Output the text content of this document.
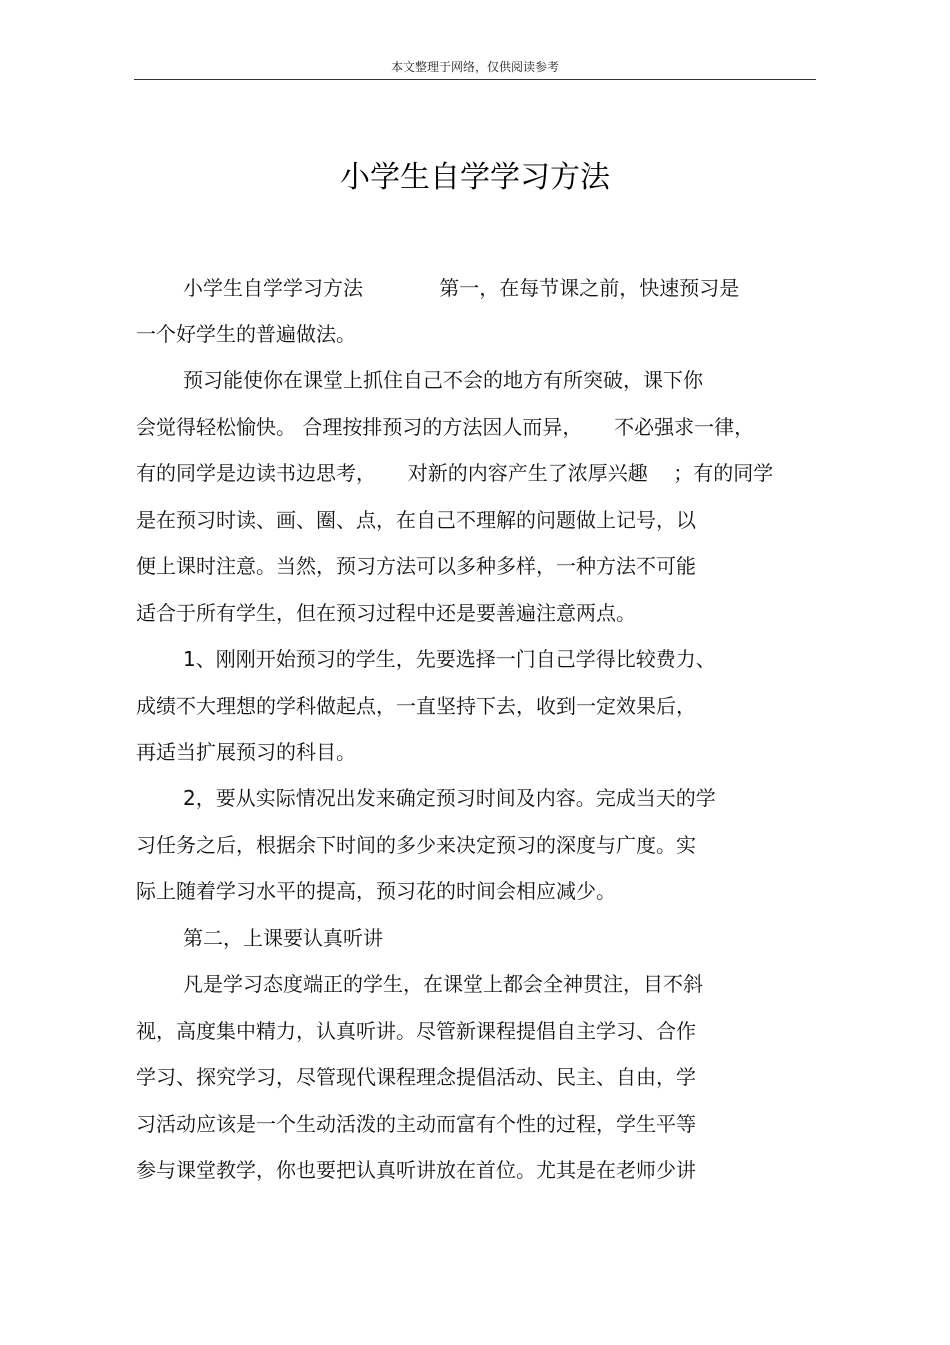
本文整理于网络，仅供阅读参考
小学生自学学习方法
小学生自学学习方法            第一，在每节课之前，快速预习是
一个好学生的普遍做法。
预习能使你在课堂上抓住自己不会的地方有所突破，课下你
会觉得轻松愉快。 合理按排预习的方法因人而异，     不必强求一律，
有的同学是边读书边思考，     对新的内容产生了浓厚兴趣    ；有的同学
是在预习时读、画、圈、点，在自己不理解的问题做上记号，以
便上课时注意。当然，预习方法可以多种多样，一种方法不可能
适合于所有学生，但在预习过程中还是要善遍注意两点。
1、刚刚开始预习的学生，先要选择一门自己学得比较费力、
成绩不大理想的学科做起点，一直坚持下去，收到一定效果后，
再适当扩展预习的科目。
2，要从实际情况出发来确定预习时间及内容。完成当天的学
习任务之后，根据余下时间的多少来决定预习的深度与广度。实
际上随着学习水平的提高，预习花的时间会相应减少。
第二，上课要认真听讲
凡是学习态度端正的学生，在课堂上都会全神贯注，目不斜
视，高度集中精力，认真听讲。尽管新课程提倡自主学习、合作
学习、探究学习，尽管现代课程理念提倡活动、民主、自由，学
习活动应该是一个生动活泼的主动而富有个性的过程，学生平等
参与课堂教学，你也要把认真听讲放在首位。尤其是在老师少讲
